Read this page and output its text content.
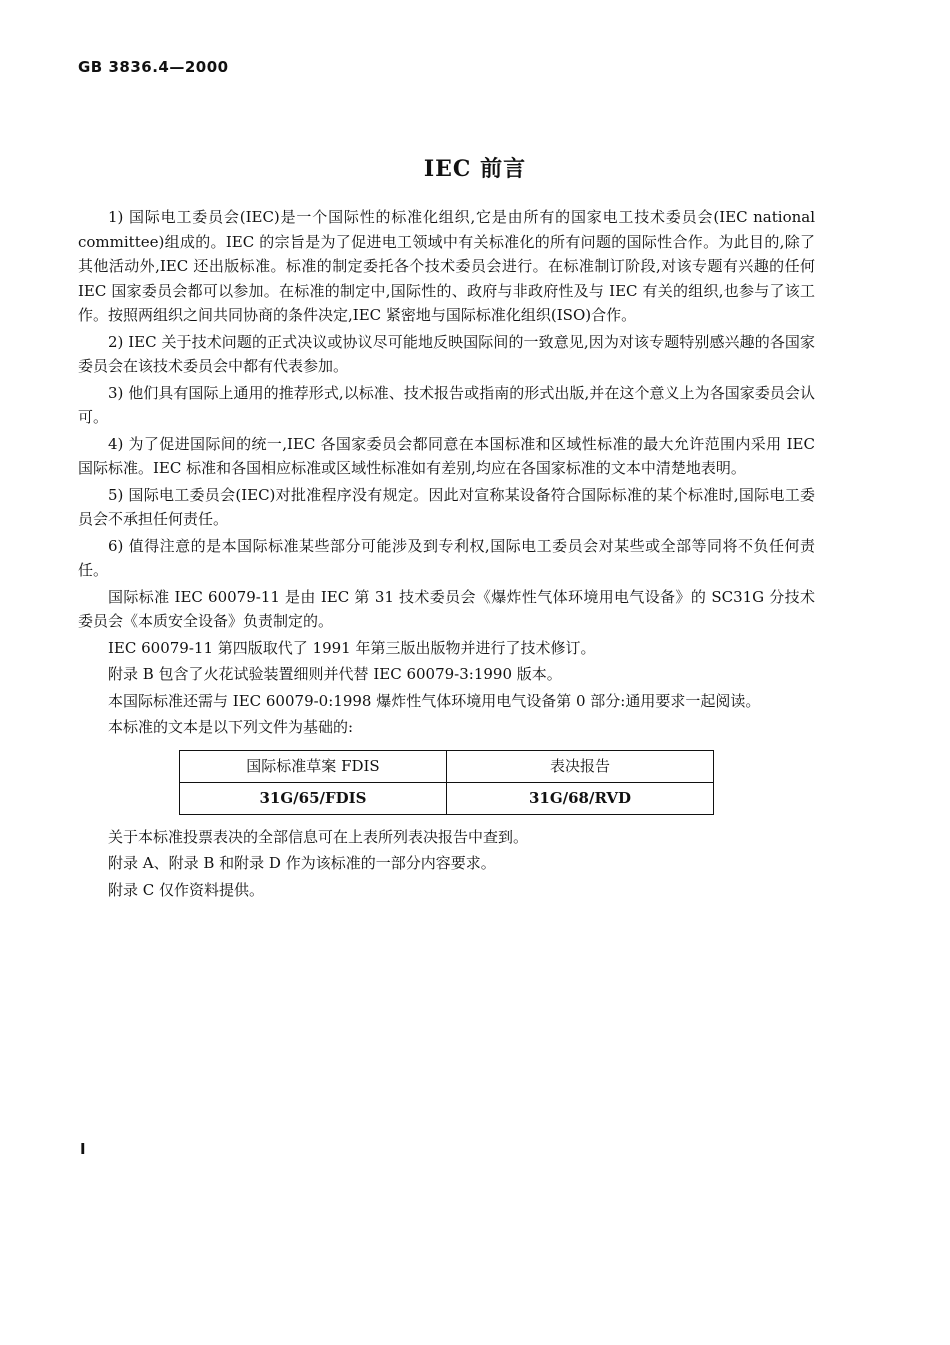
GB 3836.4—2000
IEC 前言

1) 国际电工委员会(IEC)是一个国际性的标准化组织,它是由所有的国家电工技术委员会(IEC national committee)组成的。IEC 的宗旨是为了促进电工领域中有关标准化的所有问题的国际性合作。为此目的,除了其他活动外,IEC 还出版标准。标准的制定委托各个技术委员会进行。在标准制订阶段,对该专题有兴趣的任何 IEC 国家委员会都可以参加。在标准的制定中,国际性的、政府与非政府性及与 IEC 有关的组织,也参与了该工作。按照两组织之间共同协商的条件决定,IEC 紧密地与国际标准化组织(ISO)合作。

2) IEC 关于技术问题的正式决议或协议尽可能地反映国际间的一致意见,因为对该专题特别感兴趣的各国家委员会在该技术委员会中都有代表参加。

3) 他们具有国际上通用的推荐形式,以标准、技术报告或指南的形式出版,并在这个意义上为各国家委员会认可。

4) 为了促进国际间的统一,IEC 各国家委员会都同意在本国标准和区域性标准的最大允许范围内采用 IEC 国际标准。IEC 标准和各国相应标准或区域性标准如有差别,均应在各国家标准的文本中清楚地表明。

5) 国际电工委员会(IEC)对批准程序没有规定。因此对宣称某设备符合国际标准的某个标准时,国际电工委员会不承担任何责任。

6) 值得注意的是本国际标准某些部分可能涉及到专利权,国际电工委员会对某些或全部等同将不负任何责任。

国际标准 IEC 60079-11 是由 IEC 第 31 技术委员会《爆炸性气体环境用电气设备》的 SC31G 分技术委员会《本质安全设备》负责制定的。

IEC 60079-11 第四版取代了 1991 年第三版出版物并进行了技术修订。

附录 B 包含了火花试验装置细则并代替 IEC 60079-3:1990 版本。

本国际标准还需与 IEC 60079-0:1998 爆炸性气体环境用电气设备第 0 部分:通用要求一起阅读。

本标准的文本是以下列文件为基础的:

国际标准草案 FDIS	表决报告
31G/65/FDIS	31G/68/RVD

关于本标准投票表决的全部信息可在上表所列表决报告中查到。

附录 A、附录 B 和附录 D 作为该标准的一部分内容要求。

附录 C 仅作资料提供。

I
